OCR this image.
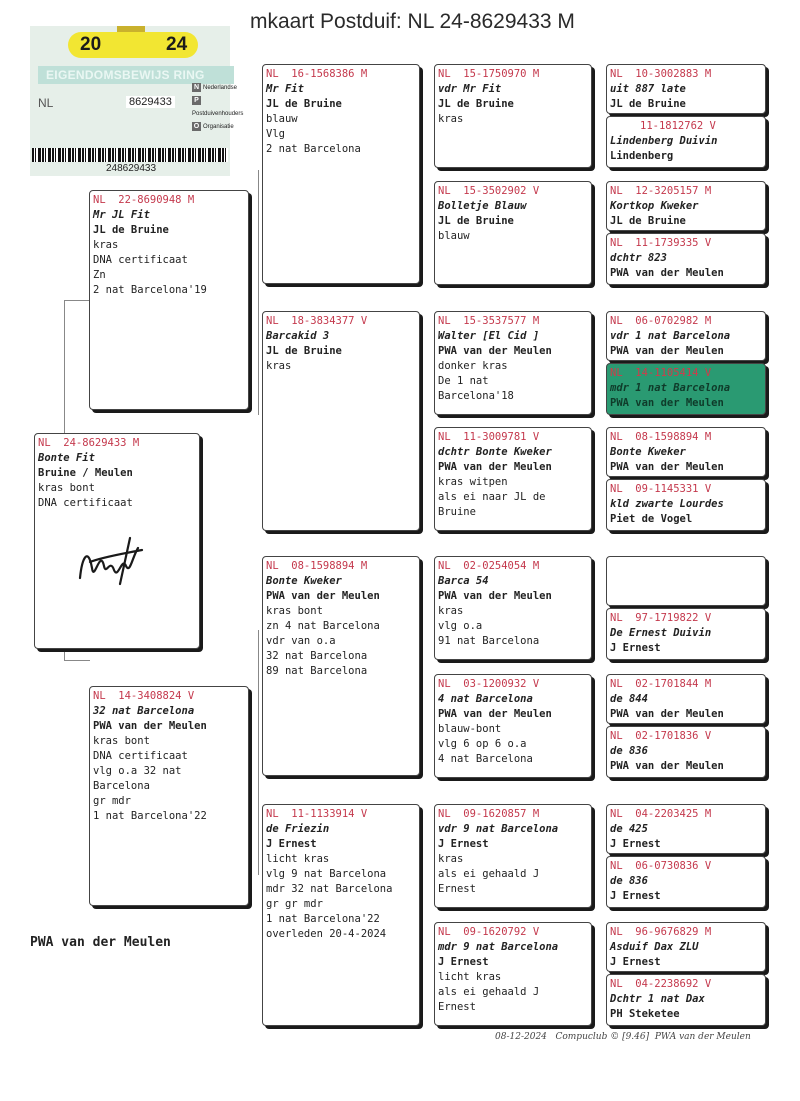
mkaart Postduif: NL 24-8629433 M
20	24
EIGENDOMSBEWIJS RING
NL	8629433
N Nederlandse
PPostduivenhouders
O Organisatie
248629433
NL  24-8629433 M
Bonte Fit
Bruine / Meulen
kras bont
DNA certificaat
NL  22-8690948 M
Mr JL Fit
JL de Bruine
kras
DNA certificaat
Zn
2 nat Barcelona'19
NL  14-3408824 V
32 nat Barcelona
PWA van der Meulen
kras bont
DNA certificaat
vlg o.a 32 nat
Barcelona
gr mdr
1 nat Barcelona'22
NL  16-1568386 M
Mr Fit
JL de Bruine
blauw
Vlg
2 nat Barcelona
NL  18-3834377 V
Barcakid 3
JL de Bruine
kras
NL  08-1598894 M
Bonte Kweker
PWA van der Meulen
kras bont
zn 4 nat Barcelona
vdr van o.a
32 nat Barcelona
89 nat Barcelona
NL  11-1133914 V
de Friezin
J Ernest
licht kras
vlg 9 nat Barcelona
mdr 32 nat Barcelona
gr gr mdr
1 nat Barcelona'22
overleden 20-4-2024
NL  15-1750970 M
vdr Mr Fit
JL de Bruine
kras
NL  15-3502902 V
Bolletje Blauw
JL de Bruine
blauw
NL  15-3537577 M
Walter [El Cid ]
PWA van der Meulen
donker kras
De 1 nat
Barcelona'18
NL  11-3009781 V
dchtr Bonte Kweker
PWA van der Meulen
kras witpen
als ei naar JL de
Bruine
NL  02-0254054 M
Barca 54
PWA van der Meulen
kras
vlg o.a
91 nat Barcelona
NL  03-1200932 V
4 nat Barcelona
PWA van der Meulen
blauw-bont
vlg 6 op 6 o.a
4 nat Barcelona
NL  09-1620857 M
vdr 9 nat Barcelona
J Ernest
kras
als ei gehaald J
Ernest
NL  09-1620792 V
mdr 9 nat Barcelona
J Ernest
licht kras
als ei gehaald J
Ernest
NL  10-3002883 M
uit 887 late
JL de Bruine
11-1812762 V
Lindenberg Duivin
Lindenberg
NL  12-3205157 M
Kortkop Kweker
JL de Bruine
NL  11-1739335 V
dchtr 823
PWA van der Meulen
NL  06-0702982 M
vdr 1 nat Barcelona
PWA van der Meulen
NL  14-1105414 V
mdr 1 nat Barcelona
PWA van der Meulen
NL  08-1598894 M
Bonte Kweker
PWA van der Meulen
NL  09-1145331 V
kld zwarte Lourdes
Piet de Vogel
NL  97-1719822 V
De Ernest Duivin
J Ernest
NL  02-1701844 M
de 844
PWA van der Meulen
NL  02-1701836 V
de 836
PWA van der Meulen
NL  04-2203425 M
de 425
J Ernest
NL  06-0730836 V
de 836
J Ernest
NL  96-9676829 M
Asduif Dax ZLU
J Ernest
NL  04-2238692 V
Dchtr 1 nat Dax
PH Steketee
PWA van der Meulen
08-12-2024   Compuclub © [9.46]  PWA van der Meulen
